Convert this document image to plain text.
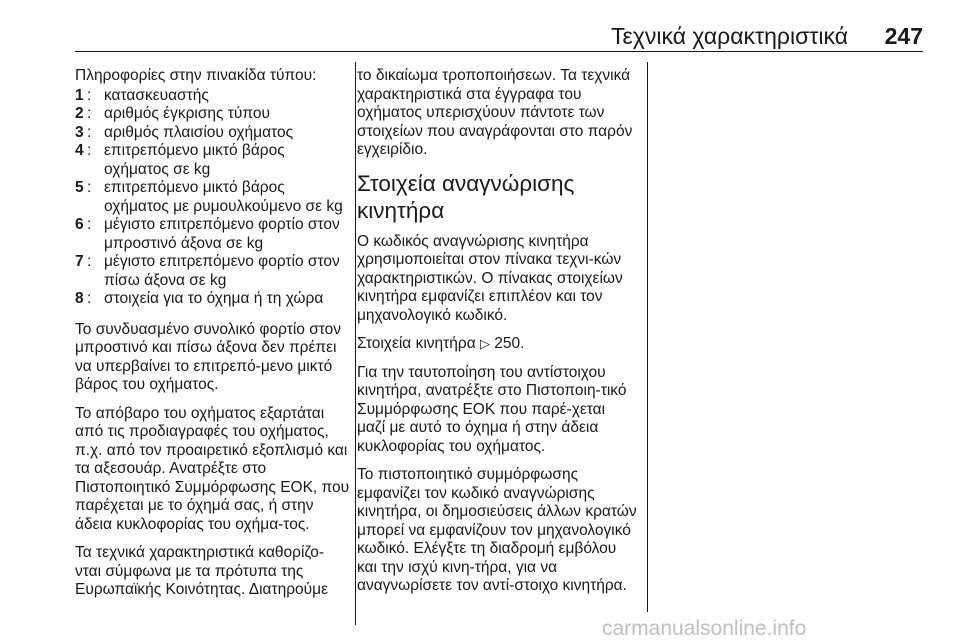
Τεχνικά χαρακτηριστικά 247

Πληροφορίες στην πινακίδα τύπου:

1 : κατασκευαστής
2 : αριθμός έγκρισης τύπου
3 : αριθμός πλαισίου οχήματος
4 : επιτρεπόμενο μικτό βάρος οχήματος σε kg
5 : επιτρεπόμενο μικτό βάρος οχήματος με ρυμουλκούμενο σε kg
6 : μέγιστο επιτρεπόμενο φορτίο στον μπροστινό άξονα σε kg
7 : μέγιστο επιτρεπόμενο φορτίο στον πίσω άξονα σε kg
8 : στοιχεία για το όχημα ή τη χώρα

Το συνδυασμένο συνολικό φορτίο στον μπροστινό και πίσω άξονα δεν πρέπει να υπερβαίνει το επιτρεπό-μενο μικτό βάρος του οχήματος.

Το απόβαρο του οχήματος εξαρτάται από τις προδιαγραφές του οχήματος, π.χ. από τον προαιρετικό εξοπλισμό και τα αξεσουάρ. Ανατρέξτε στο Πιστοποιητικό Συμμόρφωσης ΕΟΚ, που παρέχεται με το όχημά σας, ή στην άδεια κυκλοφορίας του οχήμα-τος.

Τα τεχνικά χαρακτηριστικά καθορίζο-νται σύμφωνα με τα πρότυπα της Ευρωπαϊκής Κοινότητας. Διατηρούμε

το δικαίωμα τροποποιήσεων. Τα τεχνικά χαρακτηριστικά στα έγγραφα του οχήματος υπερισχύουν πάντοτε των στοιχείων που αναγράφονται στο παρόν εγχειρίδιο.

Στοιχεία αναγνώρισης κινητήρα

Ο κωδικός αναγνώρισης κινητήρα χρησιμοποιείται στον πίνακα τεχνι-κών χαρακτηριστικών. Ο πίνακας στοιχείων κινητήρα εμφανίζει επιπλέον και τον μηχανολογικό κωδικό.

Στοιχεία κινητήρα ▷ 250.

Για την ταυτοποίηση του αντίστοιχου κινητήρα, ανατρέξτε στο Πιστοποιη-τικό Συμμόρφωσης ΕΟΚ που παρέ-χεται μαζί με αυτό το όχημα ή στην άδεια κυκλοφορίας του οχήματος.

Το πιστοποιητικό συμμόρφωσης εμφανίζει τον κωδικό αναγνώρισης κινητήρα, οι δημοσιεύσεις άλλων κρατών μπορεί να εμφανίζουν τον μηχανολογικό κωδικό. Ελέγξτε τη διαδρομή εμβόλου και την ισχύ κινη-τήρα, για να αναγνωρίσετε τον αντί-στοιχο κινητήρα.

carmanualsonline.info
